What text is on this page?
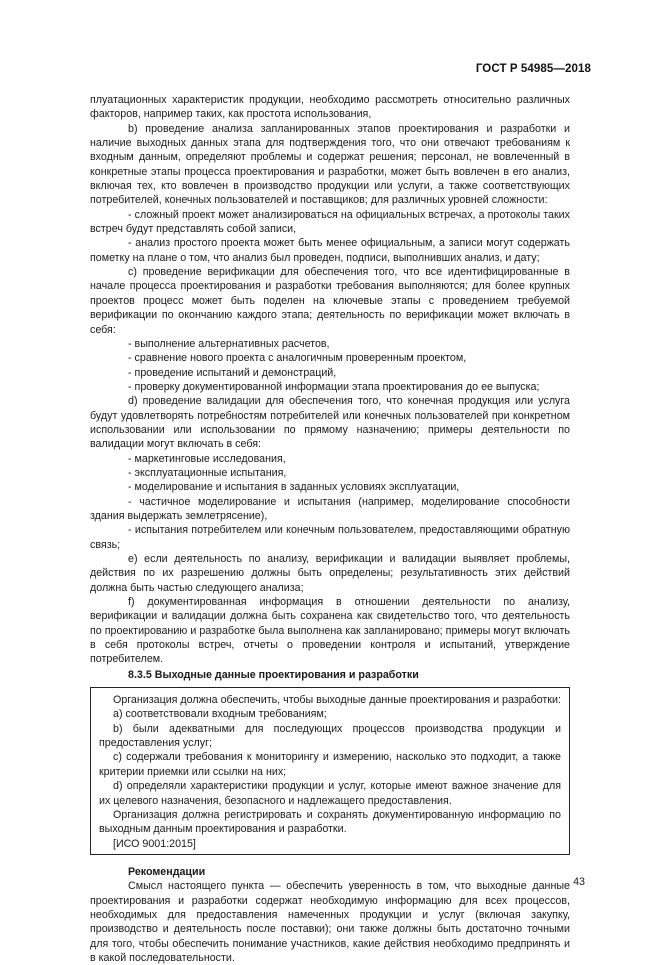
ГОСТ Р 54985—2018

плуатационных характеристик продукции, необходимо рассмотреть относительно различных факторов, например таких, как простота использования,

b) проведение анализа запланированных этапов проектирования и разработки и наличие выходных данных этапа для подтверждения того, что они отвечают требованиям к входным данным, определяют проблемы и содержат решения; персонал, не вовлеченный в конкретные этапы процесса проектирования и разработки, может быть вовлечен в его анализ, включая тех, кто вовлечен в производство продукции или услуги, а также соответствующих потребителей, конечных пользователей и поставщиков; для различных уровней сложности:

- сложный проект может анализироваться на официальных встречах, а протоколы таких встреч будут представлять собой записи,

- анализ простого проекта может быть менее официальным, а записи могут содержать пометку на плане о том, что анализ был проведен, подписи, выполнивших анализ, и дату;

c) проведение верификации для обеспечения того, что все идентифицированные в начале процесса проектирования и разработки требования выполняются; для более крупных проектов процесс может быть поделен на ключевые этапы с проведением требуемой верификации по окончанию каждого этапа; деятельность по верификации может включать в себя:

- выполнение альтернативных расчетов,

- сравнение нового проекта с аналогичным проверенным проектом,

- проведение испытаний и демонстраций,

- проверку документированной информации этапа проектирования до ее выпуска;

d) проведение валидации для обеспечения того, что конечная продукция или услуга будут удовлетворять потребностям потребителей или конечных пользователей при конкретном использовании или использовании по прямому назначению; примеры деятельности по валидации могут включать в себя:

- маркетинговые исследования,

- эксплуатационные испытания,

- моделирование и испытания в заданных условиях эксплуатации,

- частичное моделирование и испытания (например, моделирование способности здания выдержать землетрясение),

- испытания потребителем или конечным пользователем, предоставляющими обратную связь;

e) если деятельность по анализу, верификации и валидации выявляет проблемы, действия по их разрешению должны быть определены; результативность этих действий должна быть частью следующего анализа;

f) документированная информация в отношении деятельности по анализу, верификации и валидации должна быть сохранена как свидетельство того, что деятельность по проектированию и разработке была выполнена как запланировано; примеры могут включать в себя протоколы встреч, отчеты о проведении контроля и испытаний, утверждение потребителем.

8.3.5 Выходные данные проектирования и разработки

Организация должна обеспечить, чтобы выходные данные проектирования и разработки:

a) соответствовали входным требованиям;

b) были адекватными для последующих процессов производства продукции и предоставления услуг;

c) содержали требования к мониторингу и измерению, насколько это подходит, а также критерии приемки или ссылки на них;

d) определяли характеристики продукции и услуг, которые имеют важное значение для их целевого назначения, безопасного и надлежащего предоставления.

Организация должна регистрировать и сохранять документированную информацию по выходным данным проектирования и разработки.

[ИСО 9001:2015]

Рекомендации

Смысл настоящего пункта — обеспечить уверенность в том, что выходные данные проектирования и разработки содержат необходимую информацию для всех процессов, необходимых для предоставления намеченных продукции и услуг (включая закупку, производство и деятельность после поставки); они также должны быть достаточно точными для того, чтобы обеспечить понимание участников, какие действия необходимо предпринять и в какой последовательности.

43
